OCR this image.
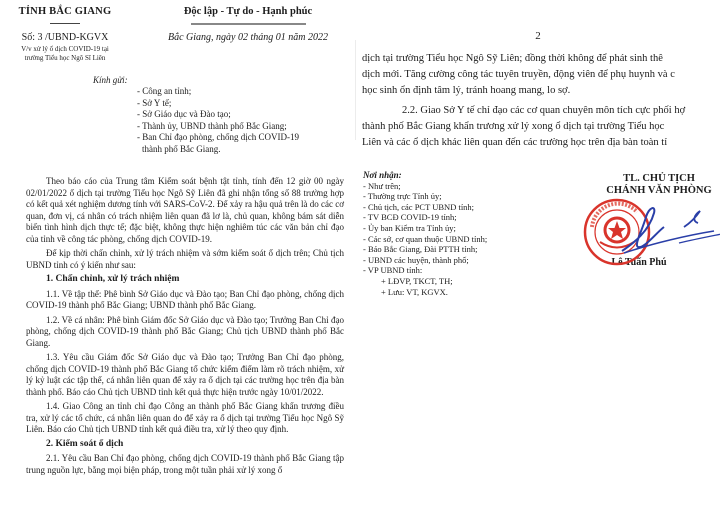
TỈNH BẮC GIANG
Số: 3 /UBND-KGVX
V/v xử lý ổ dịch COVID-19 tại
trường Tiểu học Ngô Sĩ Liên
Độc lập - Tự do - Hạnh phúc
Bắc Giang, ngày 02 tháng 01 năm 2022
Kính gửi:
- Công an tỉnh;
- Sở Y tế;
- Sở Giáo dục và Đào tạo;
- Thành ủy, UBND thành phố Bắc Giang;
- Ban Chỉ đạo phòng, chống dịch COVID-19
thành phố Bắc Giang.

Theo báo cáo của Trung tâm Kiểm soát bệnh tật tỉnh, tính đến 12 giờ 00 ngày 02/01/2022 ổ dịch tại trường Tiểu học Ngô Sỹ Liên đã ghi nhận tổng số 88 trường hợp có kết quả xét nghiệm dương tính với SARS-CoV-2. Để xảy ra hậu quả trên là do các cơ quan, đơn vị, cá nhân có trách nhiệm liên quan đã lơ là, chủ quan, không bám sát diễn biến tình hình dịch thực tế; đặc biệt, không thực hiện nghiêm túc các văn bản chỉ đạo của tỉnh về công tác phòng, chống dịch COVID-19.

Để kịp thời chấn chỉnh, xử lý trách nhiệm và sớm kiểm soát ổ dịch trên; Chủ tịch UBND tỉnh có ý kiến như sau:

1. Chấn chỉnh, xử lý trách nhiệm

1.1. Về tập thể: Phê bình Sở Giáo dục và Đào tạo; Ban Chỉ đạo phòng, chống dịch COVID-19 thành phố Bắc Giang; UBND thành phố Bắc Giang.

1.2. Về cá nhân: Phê bình Giám đốc Sở Giáo dục và Đào tạo; Trưởng Ban Chỉ đạo phòng, chống dịch COVID-19 thành phố Bắc Giang; Chủ tịch UBND thành phố Bắc Giang.

1.3. Yêu cầu Giám đốc Sở Giáo dục và Đào tạo; Trưởng Ban Chỉ đạo phòng, chống dịch COVID-19 thành phố Bắc Giang tổ chức kiểm điểm làm rõ trách nhiệm, xử lý kỷ luật các tập thể, cá nhân liên quan để xảy ra ổ dịch tại các trường học trên địa bàn thành phố. Báo cáo Chủ tịch UBND tỉnh kết quả thực hiện trước ngày 10/01/2022.

1.4. Giao Công an tỉnh chỉ đạo Công an thành phố Bắc Giang khẩn trương điều tra, xử lý các tổ chức, cá nhân liên quan do để xảy ra ổ dịch tại trường Tiểu học Ngô Sỹ Liên. Báo cáo Chủ tịch UBND tỉnh kết quả điều tra, xử lý theo quy định.

2. Kiểm soát ổ dịch

2.1. Yêu cầu Ban Chỉ đạo phòng, chống dịch COVID-19 thành phố Bắc Giang tập trung nguồn lực, bằng mọi biện pháp, trong một tuần phải xử lý xong ổ

2

dịch tại trường Tiểu học Ngô Sỹ Liên; đồng thời không để phát sinh thê

dịch mới. Tăng cường công tác tuyên truyền, động viên để phụ huynh và c

học sinh ổn định tâm lý, tránh hoang mang, lo sợ.

2.2. Giao Sở Y tế chỉ đạo các cơ quan chuyên môn tích cực phối hợ

thành phố Bắc Giang khẩn trương xử lý xong ổ dịch tại trường Tiểu học

Liên và các ổ dịch khác liên quan đến các trường học trên địa bàn toàn tỉ

Nơi nhận:
- Như trên;
- Thường trực Tỉnh ủy;
- Chủ tịch, các PCT UBND tỉnh;
- TV BCĐ COVID-19 tỉnh;
- Ủy ban Kiểm tra Tỉnh ủy;
- Các sở, cơ quan thuộc UBND tỉnh;
- Báo Bắc Giang, Đài PTTH tỉnh;
- UBND các huyện, thành phố;
- VP UBND tỉnh:
+ LĐVP, TKCT, TH;
+ Lưu: VT, KGVX.
TL. CHỦ TỊCH
CHÁNH VĂN PHÒNG
Lê Tuấn Phú
